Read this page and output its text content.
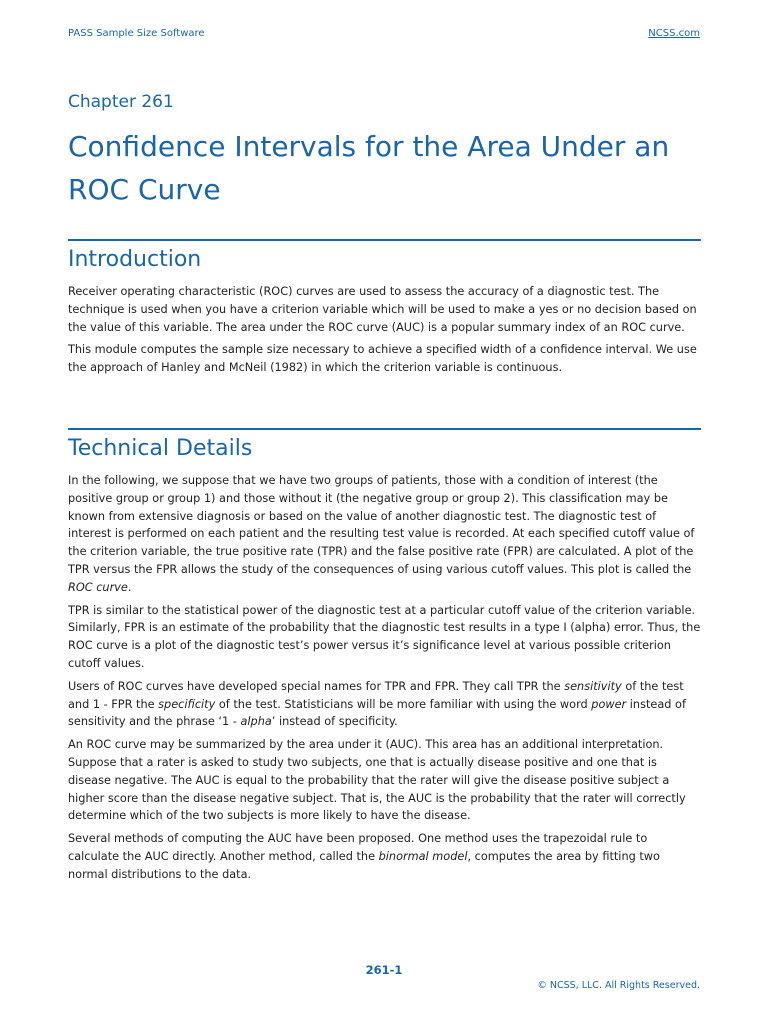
PASS Sample Size Software	NCSS.com
Chapter 261
Confidence Intervals for the Area Under an ROC Curve
Introduction

Receiver operating characteristic (ROC) curves are used to assess the accuracy of a diagnostic test. The technique is used when you have a criterion variable which will be used to make a yes or no decision based on the value of this variable. The area under the ROC curve (AUC) is a popular summary index of an ROC curve.

This module computes the sample size necessary to achieve a specified width of a confidence interval. We use the approach of Hanley and McNeil (1982) in which the criterion variable is continuous.

Technical Details

In the following, we suppose that we have two groups of patients, those with a condition of interest (the positive group or group 1) and those without it (the negative group or group 2). This classification may be known from extensive diagnosis or based on the value of another diagnostic test. The diagnostic test of interest is performed on each patient and the resulting test value is recorded. At each specified cutoff value of the criterion variable, the true positive rate (TPR) and the false positive rate (FPR) are calculated. A plot of the TPR versus the FPR allows the study of the consequences of using various cutoff values. This plot is called the ROC curve.

TPR is similar to the statistical power of the diagnostic test at a particular cutoff value of the criterion variable. Similarly, FPR is an estimate of the probability that the diagnostic test results in a type I (alpha) error. Thus, the ROC curve is a plot of the diagnostic test’s power versus it’s significance level at various possible criterion cutoff values.

Users of ROC curves have developed special names for TPR and FPR. They call TPR the sensitivity of the test and 1 - FPR the specificity of the test. Statisticians will be more familiar with using the word power instead of sensitivity and the phrase ‘1 - alpha’ instead of specificity.

An ROC curve may be summarized by the area under it (AUC). This area has an additional interpretation. Suppose that a rater is asked to study two subjects, one that is actually disease positive and one that is disease negative. The AUC is equal to the probability that the rater will give the disease positive subject a higher score than the disease negative subject. That is, the AUC is the probability that the rater will correctly determine which of the two subjects is more likely to have the disease.

Several methods of computing the AUC have been proposed. One method uses the trapezoidal rule to calculate the AUC directly. Another method, called the binormal model, computes the area by fitting two normal distributions to the data.

261-1
© NCSS, LLC. All Rights Reserved.
